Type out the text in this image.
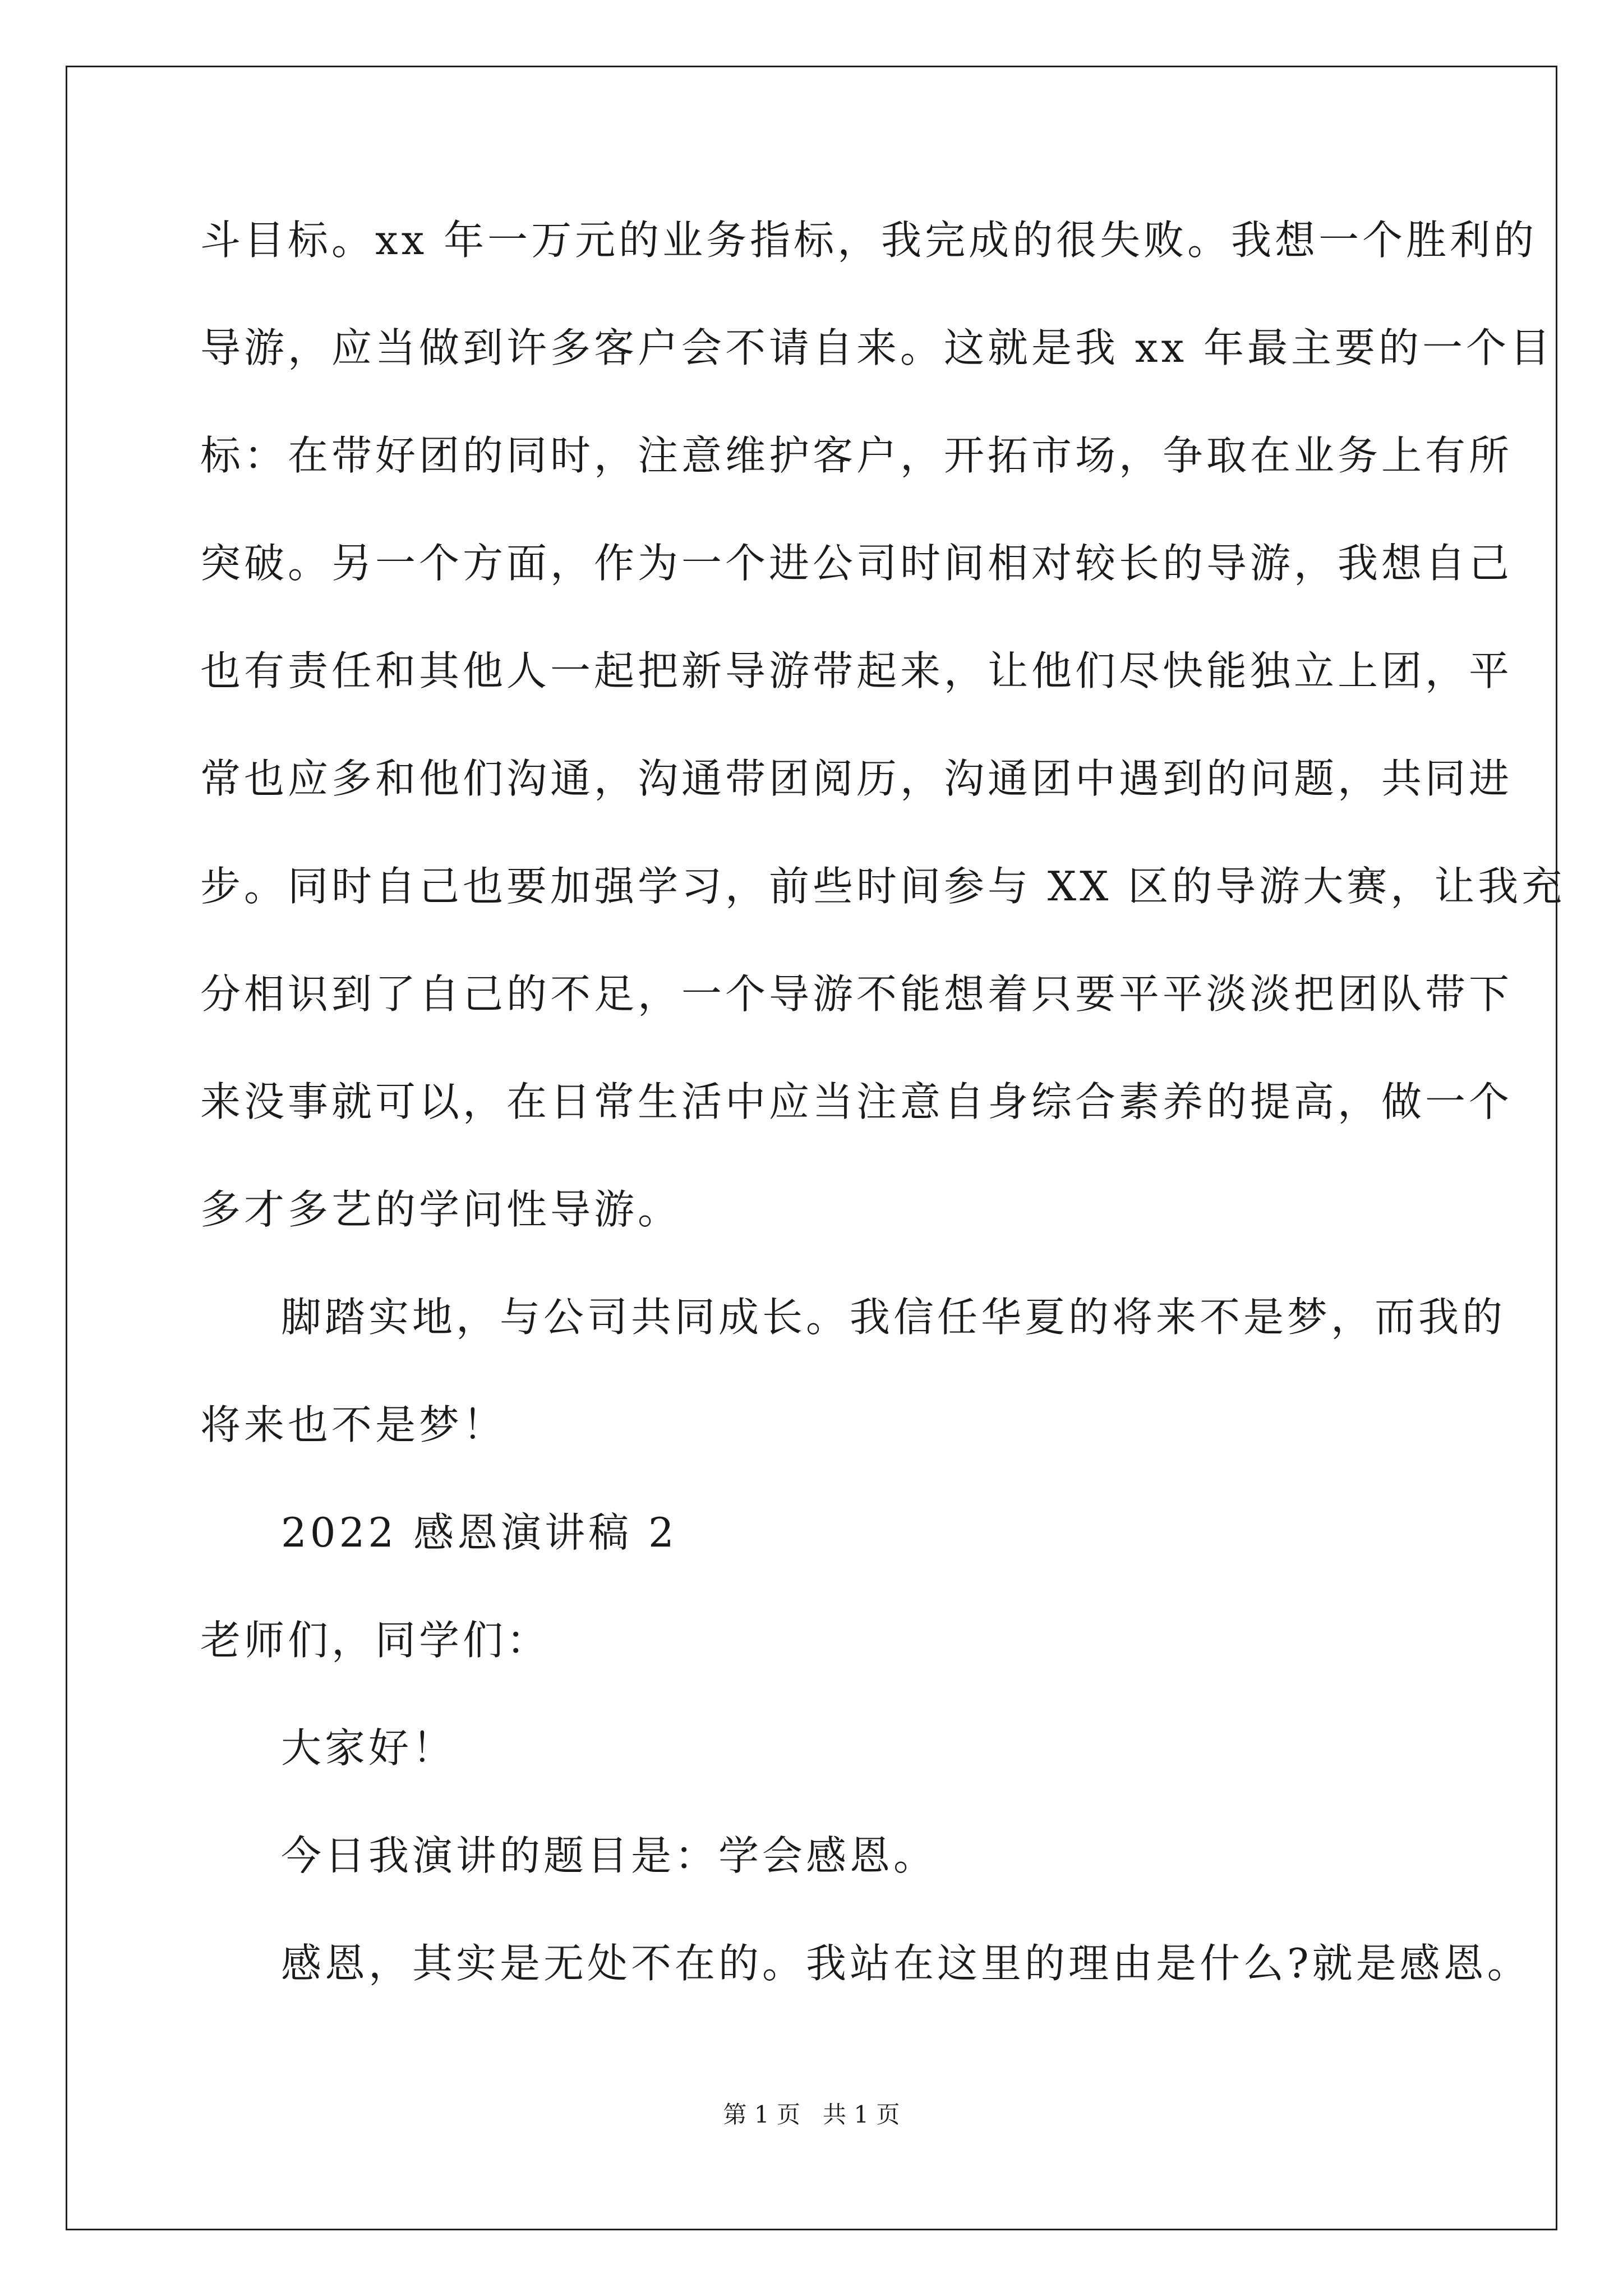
斗目标。xx 年一万元的业务指标，我完成的很失败。我想一个胜利的
导游，应当做到许多客户会不请自来。这就是我 xx 年最主要的一个目
标：在带好团的同时，注意维护客户，开拓市场，争取在业务上有所
突破。另一个方面，作为一个进公司时间相对较长的导游，我想自己
也有责任和其他人一起把新导游带起来，让他们尽快能独立上团，平
常也应多和他们沟通，沟通带团阅历，沟通团中遇到的问题，共同进
步。同时自己也要加强学习，前些时间参与 XX 区的导游大赛，让我充
分相识到了自己的不足，一个导游不能想着只要平平淡淡把团队带下
来没事就可以，在日常生活中应当注意自身综合素养的提高，做一个
多才多艺的学问性导游。
脚踏实地，与公司共同成长。我信任华夏的将来不是梦，而我的
将来也不是梦！
2022 感恩演讲稿 2
老师们，同学们：
大家好！
今日我演讲的题目是：学会感恩。
感恩，其实是无处不在的。我站在这里的理由是什么?就是感恩。
第 1 页   共 1 页
